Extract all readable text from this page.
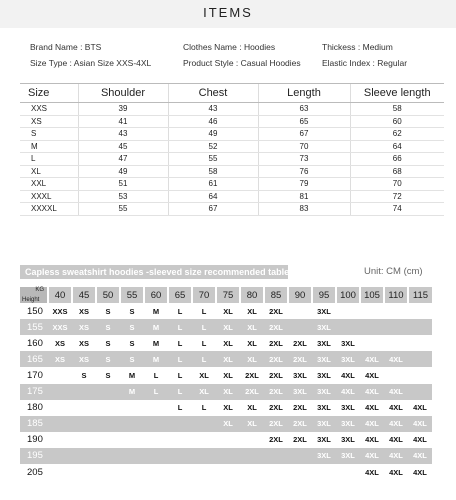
ITEMS
Brand Name : BTS	Clothes Name : Hoodies	Thickess : Medium
Size Type : Asian Size XXS-4XL	Product Style : Casual Hoodies	Elastic Index : Regular
Size	Shoulder	Chest	Length	Sleeve length
XXS	39	43	63	58
XS	41	46	65	60
S	43	49	67	62
M	45	52	70	64
L	47	55	73	66
XL	49	58	76	68
XXL	51	61	79	70
XXXL	53	64	81	72
XXXXL	55	67	83	74
Capless sweatshirt hoodies -sleeved size recommended table	Unit: CM (cm)
KG
Height	40	45	50	55	60	65	70	75	80	85	90	95	100	105	110	115
150	XXS	XS	S	S	M	L	L	XL	XL	2XL		3XL				
155	XXS	XS	S	S	M	L	L	XL	XL	2XL		3XL				
160	XS	XS	S	S	M	L	L	XL	XL	2XL	2XL	3XL	3XL			
165	XS	XS	S	S	M	L	L	XL	XL	2XL	2XL	3XL	3XL	4XL	4XL	
170		S	S	M	L	L	XL	XL	2XL	2XL	3XL	3XL	4XL	4XL		
175				M	L	L	XL	XL	2XL	2XL	3XL	3XL	4XL	4XL	4XL	
180						L	L	XL	XL	2XL	2XL	3XL	3XL	4XL	4XL	4XL
185								XL	XL	2XL	2XL	3XL	3XL	4XL	4XL	4XL
190										2XL	2XL	3XL	3XL	4XL	4XL	4XL
195												3XL	3XL	4XL	4XL	4XL
205														4XL	4XL	4XL
